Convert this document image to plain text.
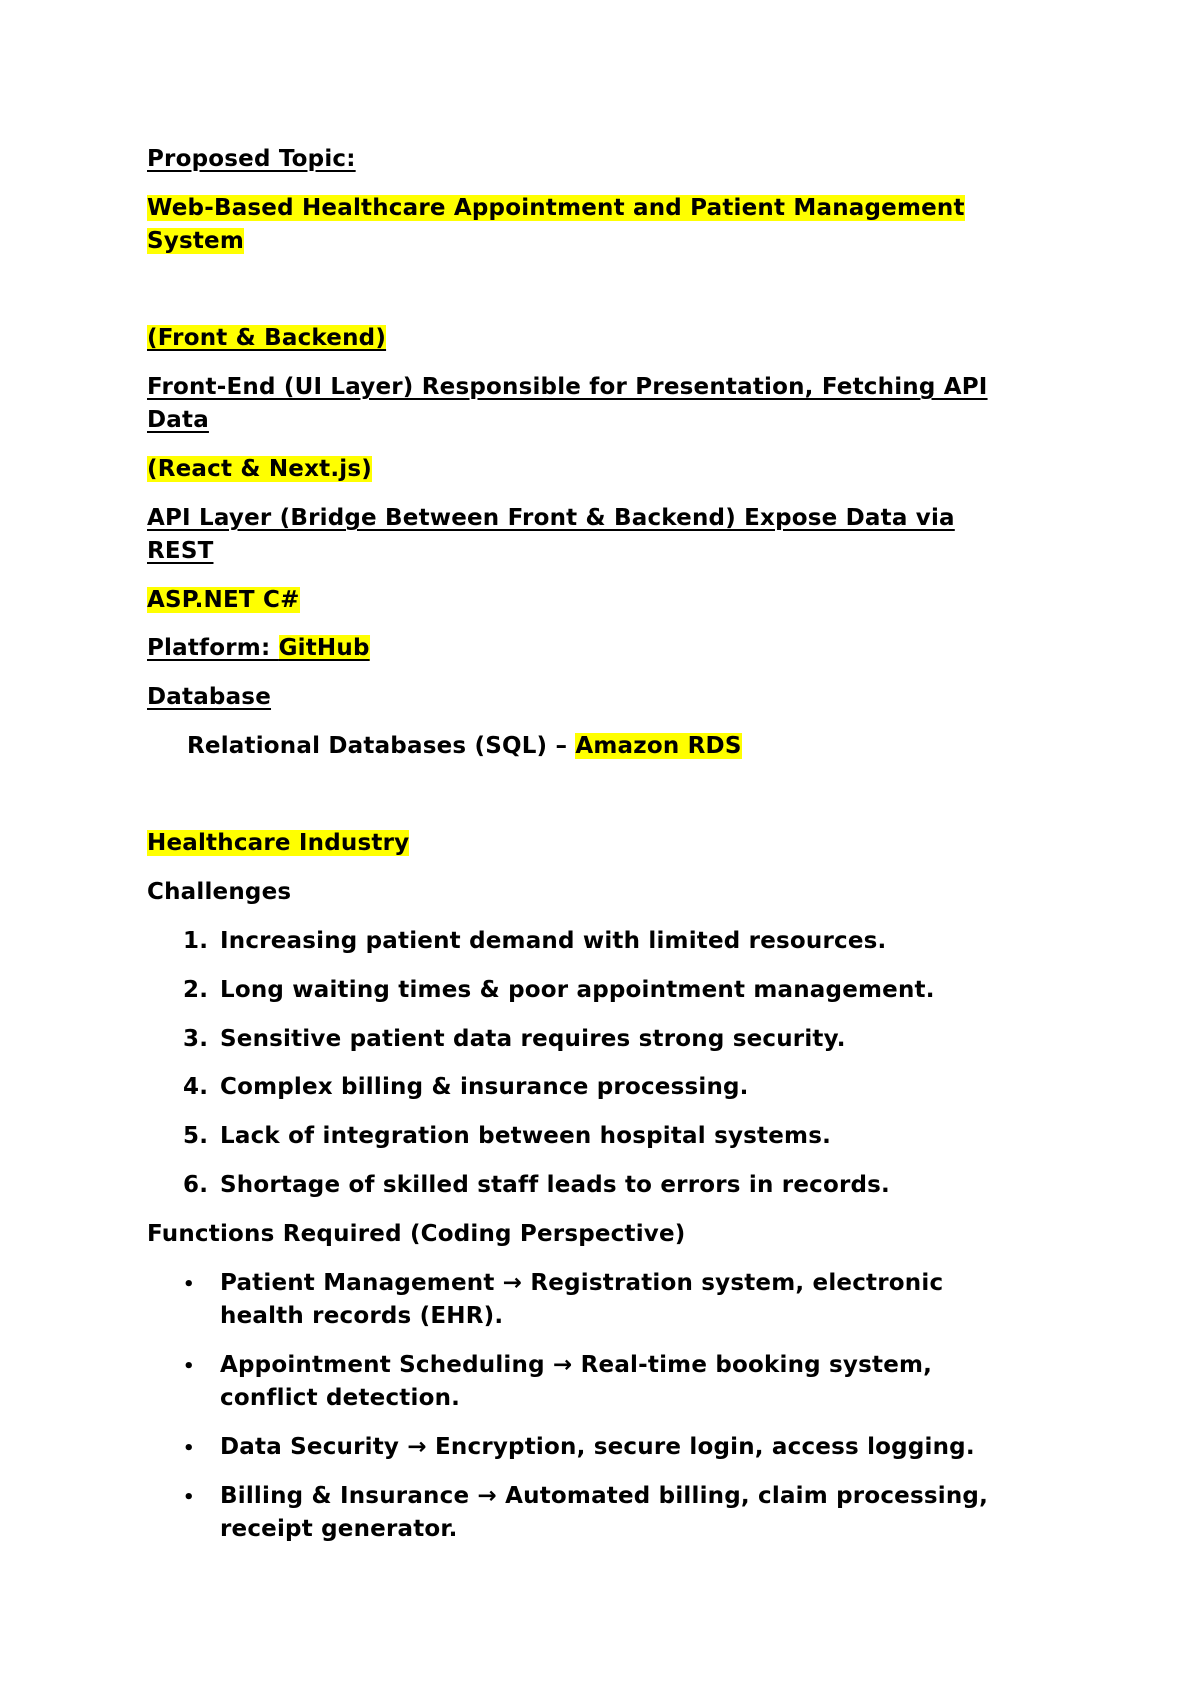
Proposed Topic:
Web-Based Healthcare Appointment and Patient Management
System
(Front & Backend)
Front-End (UI Layer) Responsible for Presentation, Fetching API
Data
(React & Next.js)
API Layer (Bridge Between Front & Backend) Expose Data via
REST
ASP.NET C#
Platform: GitHub
Database
Relational Databases (SQL) – Amazon RDS
Healthcare Industry
Challenges
1. Increasing patient demand with limited resources.
2. Long waiting times & poor appointment management.
3. Sensitive patient data requires strong security.
4. Complex billing & insurance processing.
5. Lack of integration between hospital systems.
6. Shortage of skilled staff leads to errors in records.
Functions Required (Coding Perspective)
• Patient Management → Registration system, electronic
health records (EHR).
• Appointment Scheduling → Real-time booking system,
conflict detection.
• Data Security → Encryption, secure login, access logging.
• Billing & Insurance → Automated billing, claim processing,
receipt generator.
